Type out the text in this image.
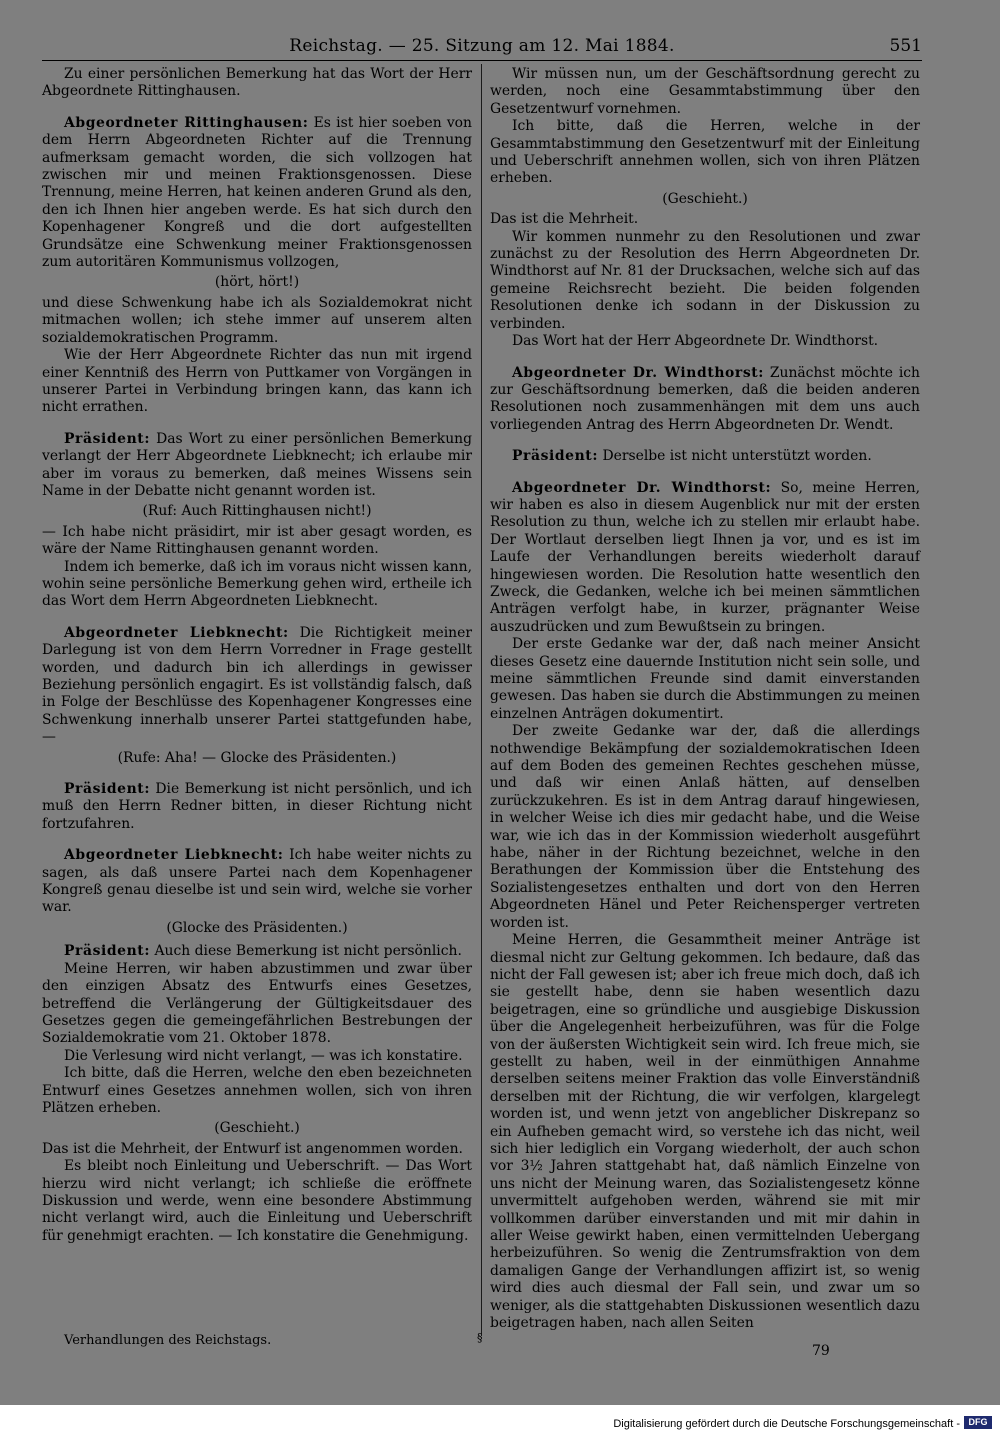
Reichstag. — 25. Sitzung am 12. Mai 1884.	551

Zu einer persönlichen Bemerkung hat das Wort der Herr Abgeordnete Rittinghausen.

Abgeordneter Rittinghausen: Es ist hier soeben von dem Herrn Abgeordneten Richter auf die Trennung aufmerksam gemacht worden, die sich vollzogen hat zwischen mir und meinen Fraktionsgenossen. Diese Trennung, meine Herren, hat keinen anderen Grund als den, den ich Ihnen hier angeben werde. Es hat sich durch den Kopenhagener Kongreß und die dort aufgestellten Grundsätze eine Schwenkung meiner Fraktionsgenossen zum autoritären Kommunismus vollzogen,

(hört, hört!)

und diese Schwenkung habe ich als Sozialdemokrat nicht mitmachen wollen; ich stehe immer auf unserem alten sozialdemokratischen Programm.

Wie der Herr Abgeordnete Richter das nun mit irgend einer Kenntniß des Herrn von Puttkamer von Vorgängen in unserer Partei in Verbindung bringen kann, das kann ich nicht errathen.

Präsident: Das Wort zu einer persönlichen Bemerkung verlangt der Herr Abgeordnete Liebknecht; ich erlaube mir aber im voraus zu bemerken, daß meines Wissens sein Name in der Debatte nicht genannt worden ist.

(Ruf: Auch Rittinghausen nicht!)

— Ich habe nicht präsidirt, mir ist aber gesagt worden, es wäre der Name Rittinghausen genannt worden.

Indem ich bemerke, daß ich im voraus nicht wissen kann, wohin seine persönliche Bemerkung gehen wird, ertheile ich das Wort dem Herrn Abgeordneten Liebknecht.

Abgeordneter Liebknecht: Die Richtigkeit meiner Darlegung ist von dem Herrn Vorredner in Frage gestellt worden, und dadurch bin ich allerdings in gewisser Beziehung persönlich engagirt. Es ist vollständig falsch, daß in Folge der Beschlüsse des Kopenhagener Kongresses eine Schwenkung innerhalb unserer Partei stattgefunden habe, —

(Rufe: Aha! — Glocke des Präsidenten.)

Präsident: Die Bemerkung ist nicht persönlich, und ich muß den Herrn Redner bitten, in dieser Richtung nicht fortzufahren.

Abgeordneter Liebknecht: Ich habe weiter nichts zu sagen, als daß unsere Partei nach dem Kopenhagener Kongreß genau dieselbe ist und sein wird, welche sie vorher war.

(Glocke des Präsidenten.)

Präsident: Auch diese Bemerkung ist nicht persönlich.

Meine Herren, wir haben abzustimmen und zwar über den einzigen Absatz des Entwurfs eines Gesetzes, betreffend die Verlängerung der Gültigkeitsdauer des Gesetzes gegen die gemeingefährlichen Bestrebungen der Sozialdemokratie vom 21. Oktober 1878.

Die Verlesung wird nicht verlangt, — was ich konstatire.

Ich bitte, daß die Herren, welche den eben bezeichneten Entwurf eines Gesetzes annehmen wollen, sich von ihren Plätzen erheben.

(Geschieht.)

Das ist die Mehrheit, der Entwurf ist angenommen worden.

Es bleibt noch Einleitung und Ueberschrift. — Das Wort hierzu wird nicht verlangt; ich schließe die eröffnete Diskussion und werde, wenn eine besondere Abstimmung nicht verlangt wird, auch die Einleitung und Ueberschrift für genehmigt erachten. — Ich konstatire die Genehmigung.

Wir müssen nun, um der Geschäftsordnung gerecht zu werden, noch eine Gesammtabstimmung über den Gesetzentwurf vornehmen.

Ich bitte, daß die Herren, welche in der Gesammtabstimmung den Gesetzentwurf mit der Einleitung und Ueberschrift annehmen wollen, sich von ihren Plätzen erheben.

(Geschieht.)

Das ist die Mehrheit.

Wir kommen nunmehr zu den Resolutionen und zwar zunächst zu der Resolution des Herrn Abgeordneten Dr. Windthorst auf Nr. 81 der Drucksachen, welche sich auf das gemeine Reichsrecht bezieht. Die beiden folgenden Resolutionen denke ich sodann in der Diskussion zu verbinden.

Das Wort hat der Herr Abgeordnete Dr. Windthorst.

Abgeordneter Dr. Windthorst: Zunächst möchte ich zur Geschäftsordnung bemerken, daß die beiden anderen Resolutionen noch zusammenhängen mit dem uns auch vorliegenden Antrag des Herrn Abgeordneten Dr. Wendt.

Präsident: Derselbe ist nicht unterstützt worden.

Abgeordneter Dr. Windthorst: So, meine Herren, wir haben es also in diesem Augenblick nur mit der ersten Resolution zu thun, welche ich zu stellen mir erlaubt habe. Der Wortlaut derselben liegt Ihnen ja vor, und es ist im Laufe der Verhandlungen bereits wiederholt darauf hingewiesen worden. Die Resolution hatte wesentlich den Zweck, die Gedanken, welche ich bei meinen sämmtlichen Anträgen verfolgt habe, in kurzer, prägnanter Weise auszudrücken und zum Bewußtsein zu bringen.

Der erste Gedanke war der, daß nach meiner Ansicht dieses Gesetz eine dauernde Institution nicht sein solle, und meine sämmtlichen Freunde sind damit einverstanden gewesen. Das haben sie durch die Abstimmungen zu meinen einzelnen Anträgen dokumentirt.

Der zweite Gedanke war der, daß die allerdings nothwendige Bekämpfung der sozialdemokratischen Ideen auf dem Boden des gemeinen Rechtes geschehen müsse, und daß wir einen Anlaß hätten, auf denselben zurückzukehren. Es ist in dem Antrag darauf hingewiesen, in welcher Weise ich dies mir gedacht habe, und die Weise war, wie ich das in der Kommission wiederholt ausgeführt habe, näher in der Richtung bezeichnet, welche in den Berathungen der Kommission über die Entstehung des Sozialistengesetzes enthalten und dort von den Herren Abgeordneten Hänel und Peter Reichensperger vertreten worden ist.

Meine Herren, die Gesammtheit meiner Anträge ist diesmal nicht zur Geltung gekommen. Ich bedaure, daß das nicht der Fall gewesen ist; aber ich freue mich doch, daß ich sie gestellt habe, denn sie haben wesentlich dazu beigetragen, eine so gründliche und ausgiebige Diskussion über die Angelegenheit herbeizuführen, was für die Folge von der äußersten Wichtigkeit sein wird. Ich freue mich, sie gestellt zu haben, weil in der einmüthigen Annahme derselben seitens meiner Fraktion das volle Einverständniß derselben mit der Richtung, die wir verfolgen, klargelegt worden ist, und wenn jetzt von angeblicher Diskrepanz so ein Aufheben gemacht wird, so verstehe ich das nicht, weil sich hier lediglich ein Vorgang wiederholt, der auch schon vor 3½ Jahren stattgehabt hat, daß nämlich Einzelne von uns nicht der Meinung waren, das Sozialistengesetz könne unvermittelt aufgehoben werden, während sie mit mir vollkommen darüber einverstanden und mit mir dahin in aller Weise gewirkt haben, einen vermittelnden Uebergang herbeizuführen. So wenig die Zentrumsfraktion von dem damaligen Gange der Verhandlungen affizirt ist, so wenig wird dies auch diesmal der Fall sein, und zwar um so weniger, als die stattgehabten Diskussionen wesentlich dazu beigetragen haben, nach allen Seiten

Verhandlungen des Reichstags.	§
79
Digitalisierung gefördert durch die Deutsche Forschungsgemeinschaft - DFG
